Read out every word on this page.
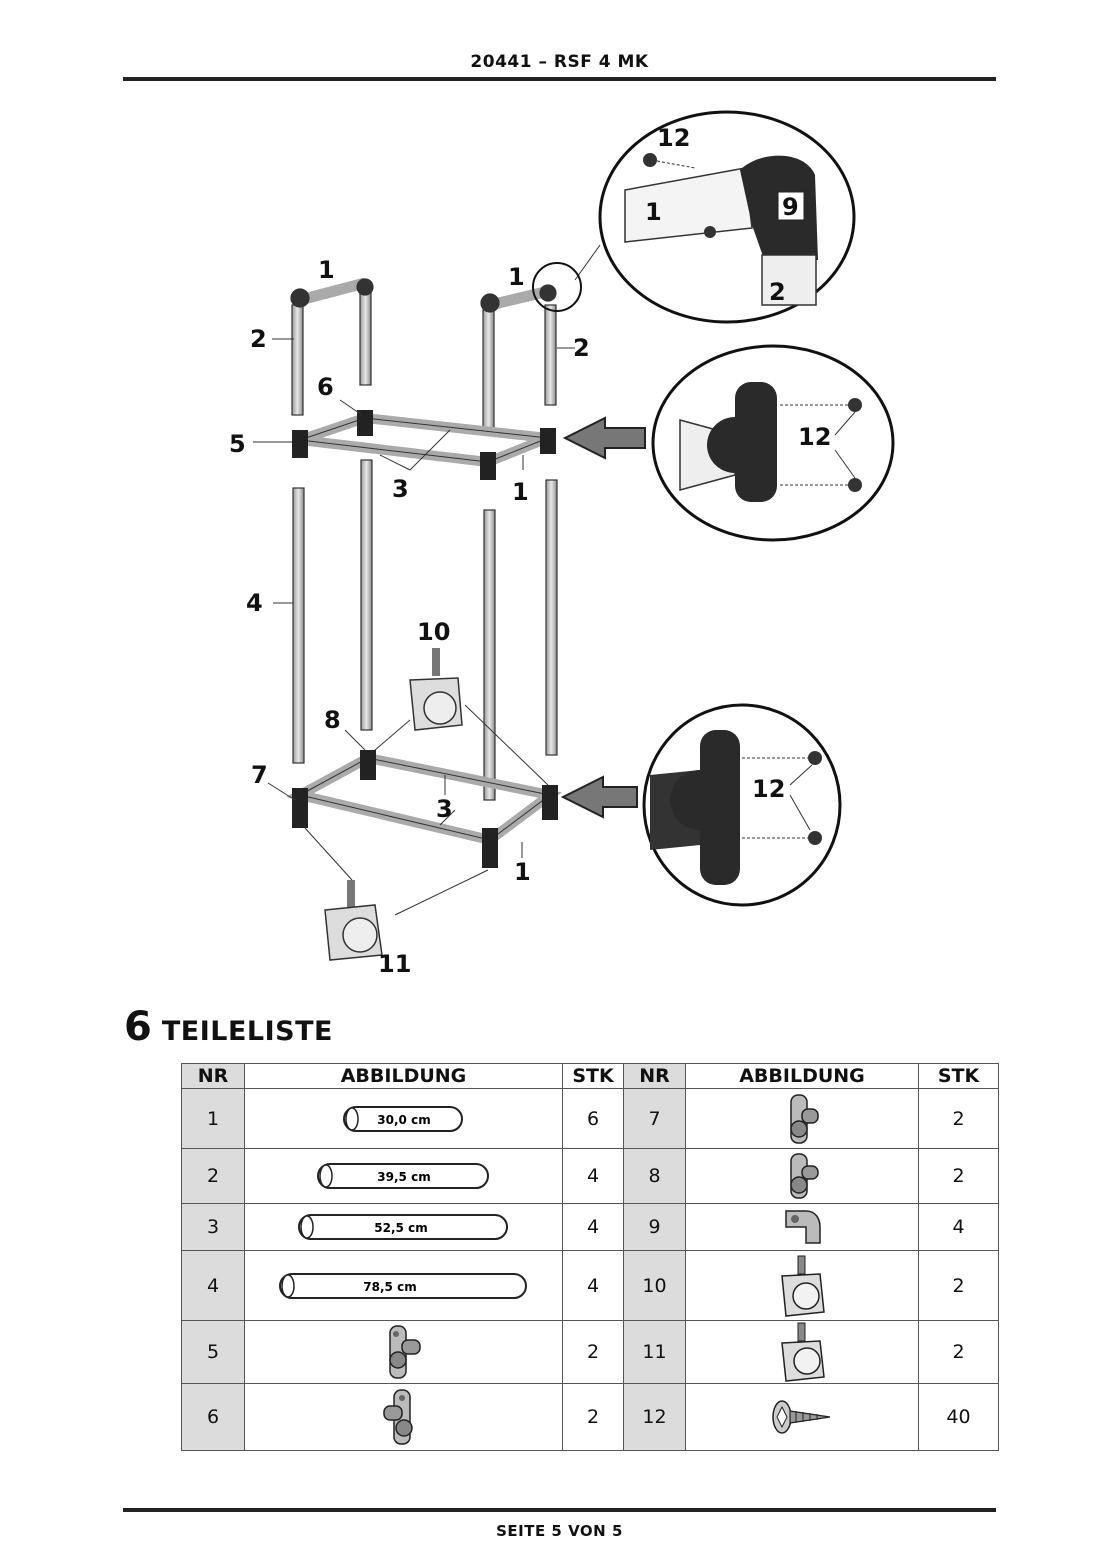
20441 – RSF 4 MK
1	1
1
1
2	2
3
3
4
5
6
7
8
10
11
12
1	9
2
12
12
6 TEILELISTE
NR	ABBILDUNG	STK	NR	ABBILDUNG	STK
1	30,0 cm	6	7		2
2	39,5 cm	4	8		2
3	52,5 cm	4	9		4
4	78,5 cm	4	10		2
5		2	11		2
6		2	12		40
SEITE 5 VON 5
